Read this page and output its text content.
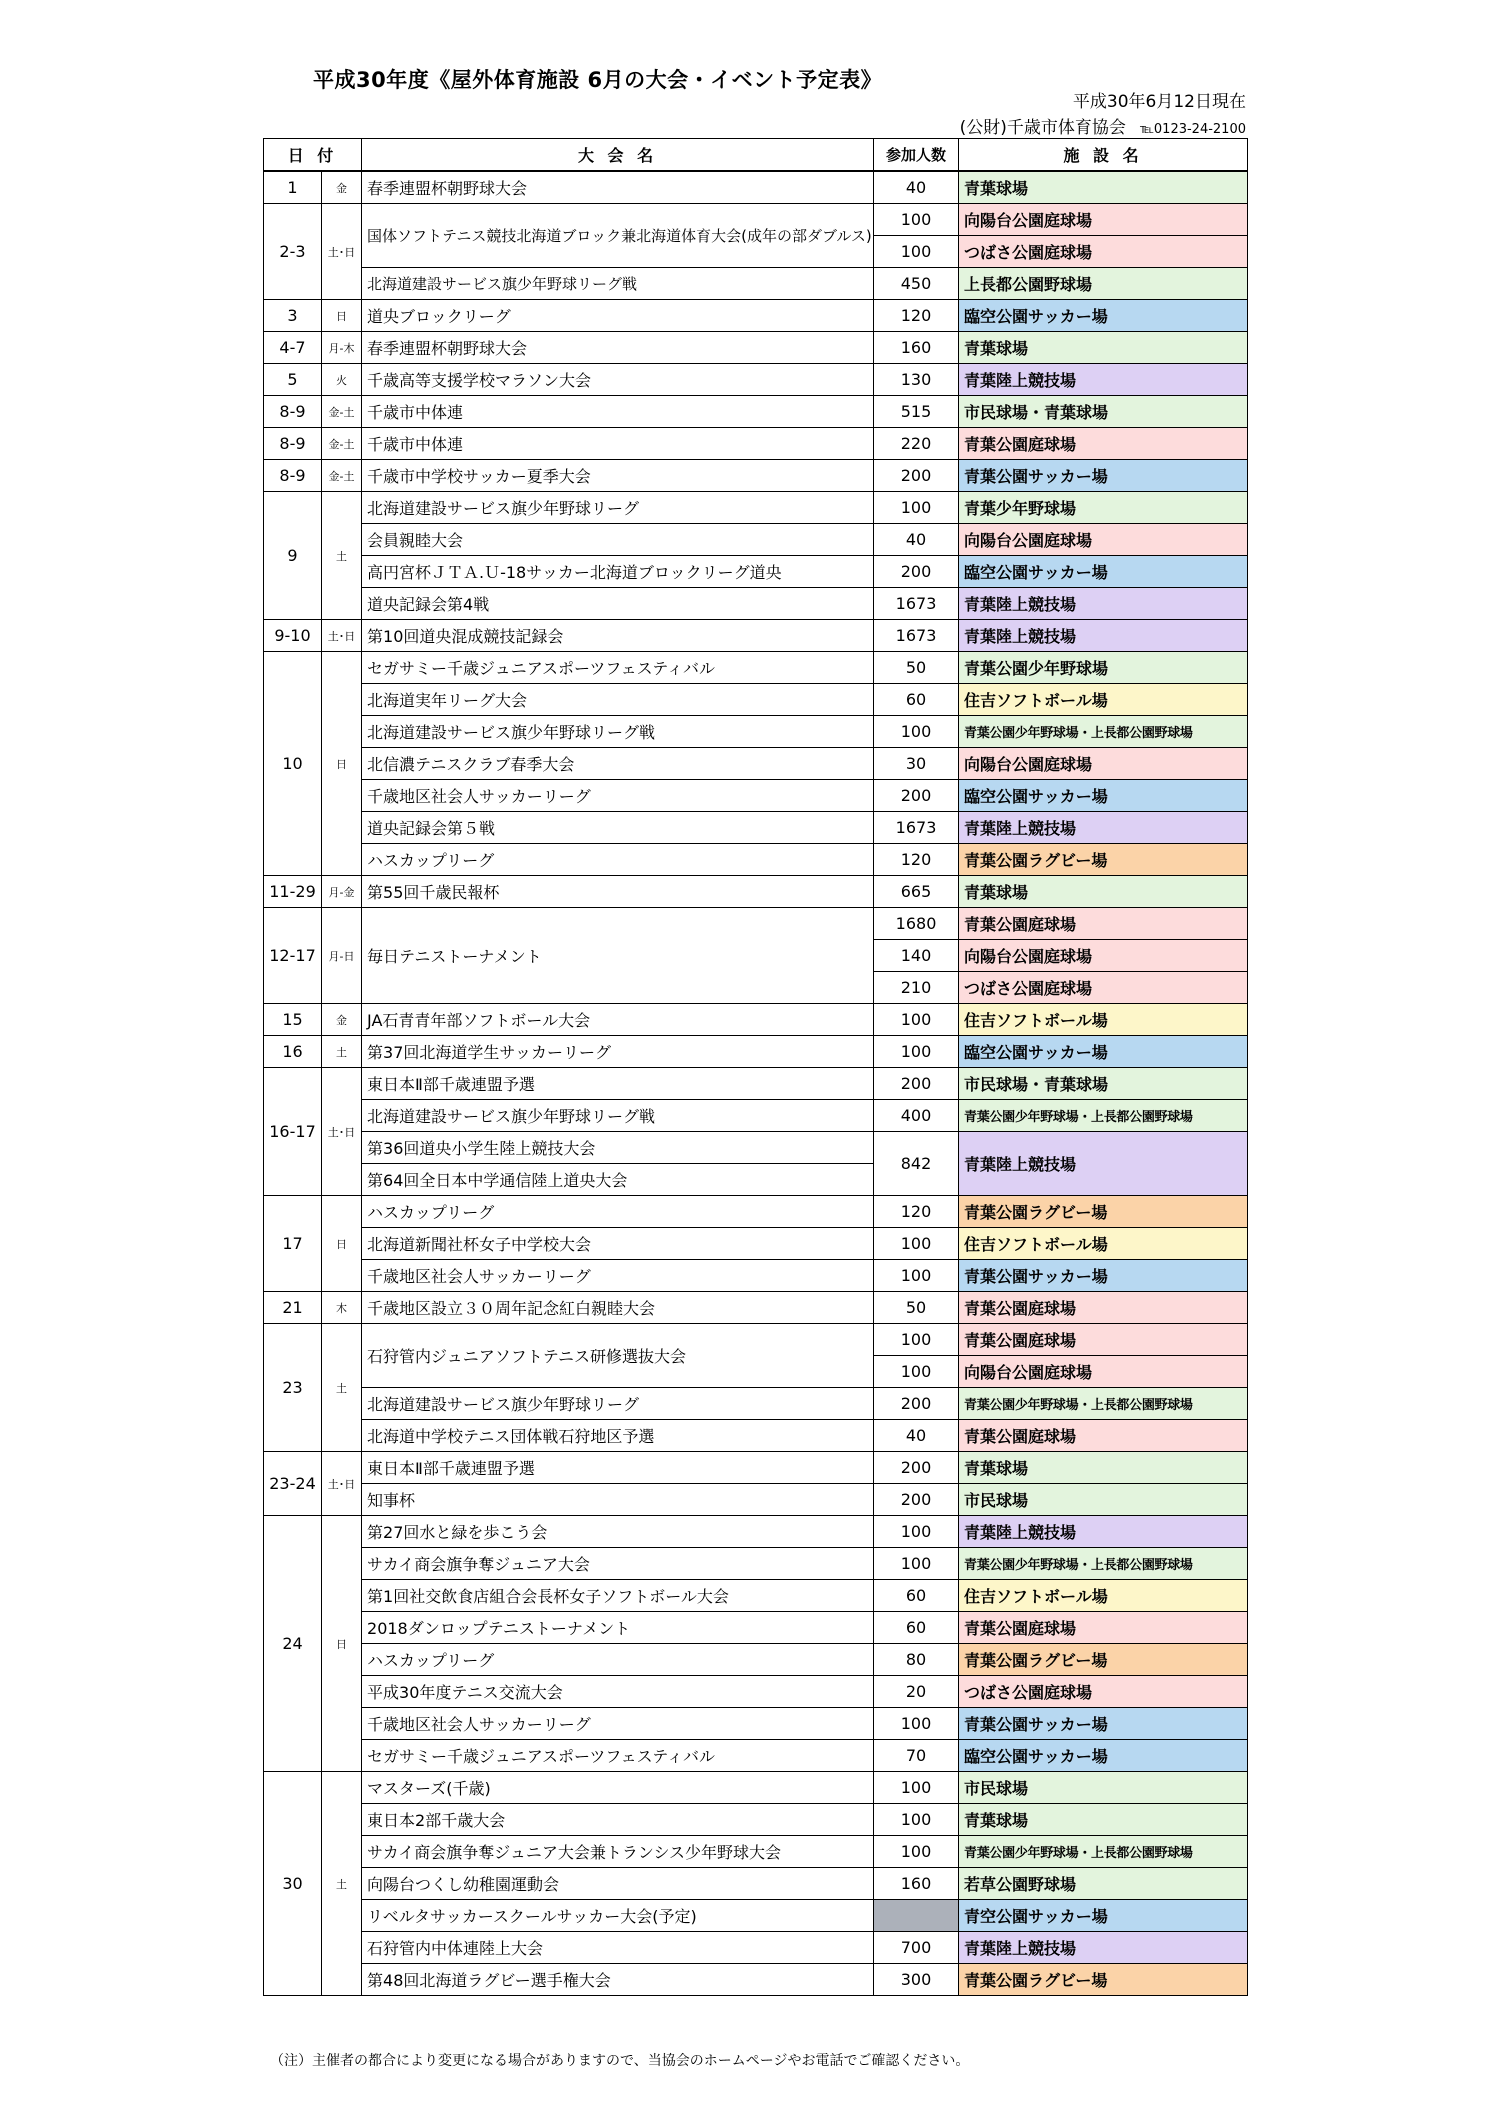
平成30年度《屋外体育施設 6月の大会・イベント予定表》
平成30年6月12日現在
(公財)千歳市体育協会 ℡0123-24-2100
日 付		大 会 名	参加人数	施 設 名
1	金	春季連盟杯朝野球大会	40	青葉球場
2-3	土･日	国体ソフトテニス競技北海道ブロック兼北海道体育大会(成年の部ダブルス)	100	向陽台公園庭球場
			100	つばさ公園庭球場
		北海道建設サービス旗少年野球リーグ戦	450	上長都公園野球場
3	日	道央ブロックリーグ	120	臨空公園サッカー場
4-7	月-木	春季連盟杯朝野球大会	160	青葉球場
5	火	千歳高等支援学校マラソン大会	130	青葉陸上競技場
8-9	金-土	千歳市中体連	515	市民球場・青葉球場
8-9	金-土	千歳市中体連	220	青葉公園庭球場
8-9	金-土	千歳市中学校サッカー夏季大会	200	青葉公園サッカー場
9	土	北海道建設サービス旗少年野球リーグ	100	青葉少年野球場
		会員親睦大会	40	向陽台公園庭球場
		高円宮杯ＪＴＡ.Ｕ-18サッカー北海道ブロックリーグ道央	200	臨空公園サッカー場
		道央記録会第4戦	1673	青葉陸上競技場
9-10	土･日	第10回道央混成競技記録会	1673	青葉陸上競技場
10	日	セガサミー千歳ジュニアスポーツフェスティバル	50	青葉公園少年野球場
		北海道実年リーグ大会	60	住吉ソフトボール場
		北海道建設サービス旗少年野球リーグ戦	100	青葉公園少年野球場・上長都公園野球場
		北信濃テニスクラブ春季大会	30	向陽台公園庭球場
		千歳地区社会人サッカーリーグ	200	臨空公園サッカー場
		道央記録会第５戦	1673	青葉陸上競技場
		ハスカップリーグ	120	青葉公園ラグビー場
11-29	月-金	第55回千歳民報杯	665	青葉球場
12-17	月-日	毎日テニストーナメント	1680	青葉公園庭球場
			140	向陽台公園庭球場
			210	つばさ公園庭球場
15	金	JA石青青年部ソフトボール大会	100	住吉ソフトボール場
16	土	第37回北海道学生サッカーリーグ	100	臨空公園サッカー場
16-17	土･日	東日本Ⅱ部千歳連盟予選	200	市民球場・青葉球場
		北海道建設サービス旗少年野球リーグ戦	400	青葉公園少年野球場・上長都公園野球場
		第36回道央小学生陸上競技大会	842	青葉陸上競技場
		第64回全日本中学通信陸上道央大会		
17	日	ハスカップリーグ	120	青葉公園ラグビー場
		北海道新聞社杯女子中学校大会	100	住吉ソフトボール場
		千歳地区社会人サッカーリーグ	100	青葉公園サッカー場
21	木	千歳地区設立３０周年記念紅白親睦大会	50	青葉公園庭球場
23	土	石狩管内ジュニアソフトテニス研修選抜大会	100	青葉公園庭球場
			100	向陽台公園庭球場
		北海道建設サービス旗少年野球リーグ	200	青葉公園少年野球場・上長都公園野球場
		北海道中学校テニス団体戦石狩地区予選	40	青葉公園庭球場
23-24	土･日	東日本Ⅱ部千歳連盟予選	200	青葉球場
		知事杯	200	市民球場
24	日	第27回水と緑を歩こう会	100	青葉陸上競技場
		サカイ商会旗争奪ジュニア大会	100	青葉公園少年野球場・上長都公園野球場
		第1回社交飲食店組合会長杯女子ソフトボール大会	60	住吉ソフトボール場
		2018ダンロップテニストーナメント	60	青葉公園庭球場
		ハスカップリーグ	80	青葉公園ラグビー場
		平成30年度テニス交流大会	20	つばさ公園庭球場
		千歳地区社会人サッカーリーグ	100	青葉公園サッカー場
		セガサミー千歳ジュニアスポーツフェスティバル	70	臨空公園サッカー場
30	土	マスターズ(千歳)	100	市民球場
		東日本2部千歳大会	100	青葉球場
		サカイ商会旗争奪ジュニア大会兼トランシス少年野球大会	100	青葉公園少年野球場・上長都公園野球場
		向陽台つくし幼稚園運動会	160	若草公園野球場
		リベルタサッカースクールサッカー大会(予定)		青空公園サッカー場
		石狩管内中体連陸上大会	700	青葉陸上競技場
		第48回北海道ラグビー選手権大会	300	青葉公園ラグビー場
（注）主催者の都合により変更になる場合がありますので、当協会のホームページやお電話でご確認ください。
